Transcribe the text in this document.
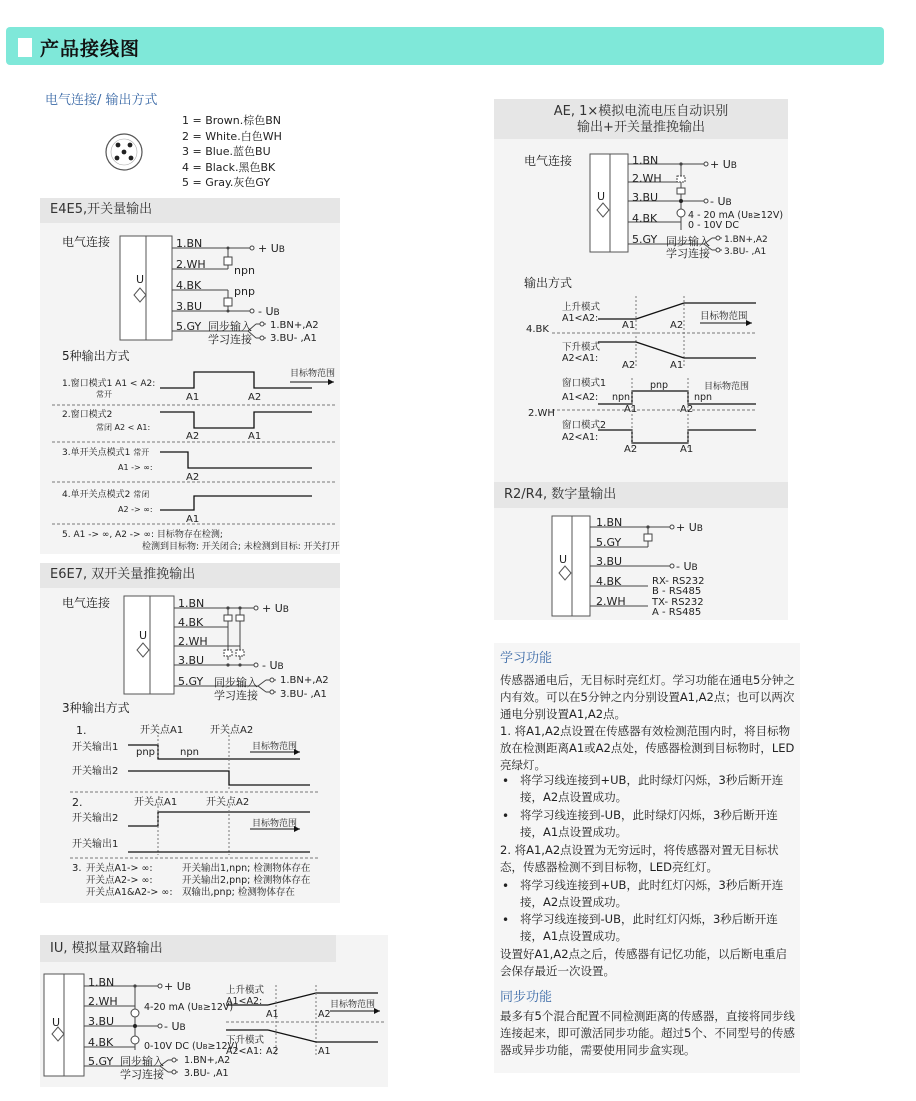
产品接线图
电气连接/ 输出方式
1 = Brown.棕色BN
2 = White.白色WH
3 = Blue.蓝色BU
4 = Black.黑色BK
5 = Gray.灰色GY
E4E5,开关量输出
电气连接
U
1.BN
2.WH
4.BK
3.BU
5.GY
+ UB
- UB
npn
pnp
同步输入
学习连接
1.BN+,A2
3.BU- ,A1
5种输出方式
目标物范围
1.窗口模式1 A1 < A2:
常开	A1	A2
2.窗口模式2
常闭 A2 < A1:
A2	A1
3.单开关点模式1 常开
A1 -> ∞:
A2
4.单开关点模式2 常闭
A2 -> ∞:
A1
5. A1 -> ∞, A2 -> ∞: 目标物存在检测;
检测到目标物: 开关闭合; 未检测到目标: 开关打开
E6E7, 双开关量推挽输出
电气连接
U
1.BN
4.BK
2.WH
3.BU
5.GY
+ UB
- UB
同步输入
学习连接
1.BN+,A2
3.BU- ,A1
3种输出方式
1.	开关点A1	开关点A2
开关输出1 pnp npn	目标物范围
开关输出2
2.	开关点A1	开关点A2
开关输出2	目标物范围
开关输出1
3. 开关点A1-> ∞:
开关点A2-> ∞:
开关点A1&A2-> ∞:
开关输出1,npn; 检测物体存在
开关输出2,pnp; 检测物体存在
双输出,pnp; 检测物体存在
IU, 模拟量双路输出
U
1.BN
2.WH
3.BU
4.BK
5.GY
+ UB
- UB
4-20 mA (UB≥12V)
0-10V DC (UB≥12V)
同步输入
学习连接
1.BN+,A2
3.BU- ,A1
上升模式
A1<A2:
A1	A2
目标物范围
下升模式
A2<A1: A2	A1
AE, 1×模拟电流电压自动识别
输出+开关量推挽输出
电气连接
U
1.BN
2.WH
3.BU
4.BK
5.GY
+ UB
- UB
4 - 20 mA (UB≥12V)
0 - 10V DC
同步输入
学习连接
1.BN+,A2
3.BU- ,A1
输出方式
上升模式
A1<A2:
A1	A2
目标物范围
4.BK
下升模式
A2<A1:
A2	A1
窗口模式1
A1<A2: npn
pnp
npn
目标物范围
A1	A2
2.WH
窗口模式2
A2<A1:
A2	A1
R2/R4, 数字量输出
U
1.BN
5.GY
3.BU
4.BK
2.WH
+ UB
- UB
RX- RS232
B - RS485
TX- RS232
A - RS485
学习功能
传感器通电后，无目标时亮红灯。学习功能在通电5分钟之内有效。可以在5分钟之内分别设置A1,A2点；也可以两次通电分别设置A1,A2点。
1. 将A1,A2点设置在传感器有效检测范围内时，将目标物放在检测距离A1或A2点处，传感器检测到目标物时，LED亮绿灯。
• 将学习线连接到+UB，此时绿灯闪烁，3秒后断开连接，A2点设置成功。
• 将学习线连接到-UB，此时绿灯闪烁，3秒后断开连接，A1点设置成功。
2. 将A1,A2点设置为无穷远时，将传感器对置无目标状态，传感器检测不到目标物，LED亮红灯。
• 将学习线连接到+UB，此时红灯闪烁，3秒后断开连接，A2点设置成功。
• 将学习线连接到-UB，此时红灯闪烁，3秒后断开连接，A1点设置成功。
设置好A1,A2点之后，传感器有记忆功能，以后断电重启会保存最近一次设置。
同步功能
最多有5个混合配置不同检测距离的传感器，直接将同步线连接起来，即可激活同步功能。超过5个、不同型号的传感器或异步功能，需要使用同步盒实现。
